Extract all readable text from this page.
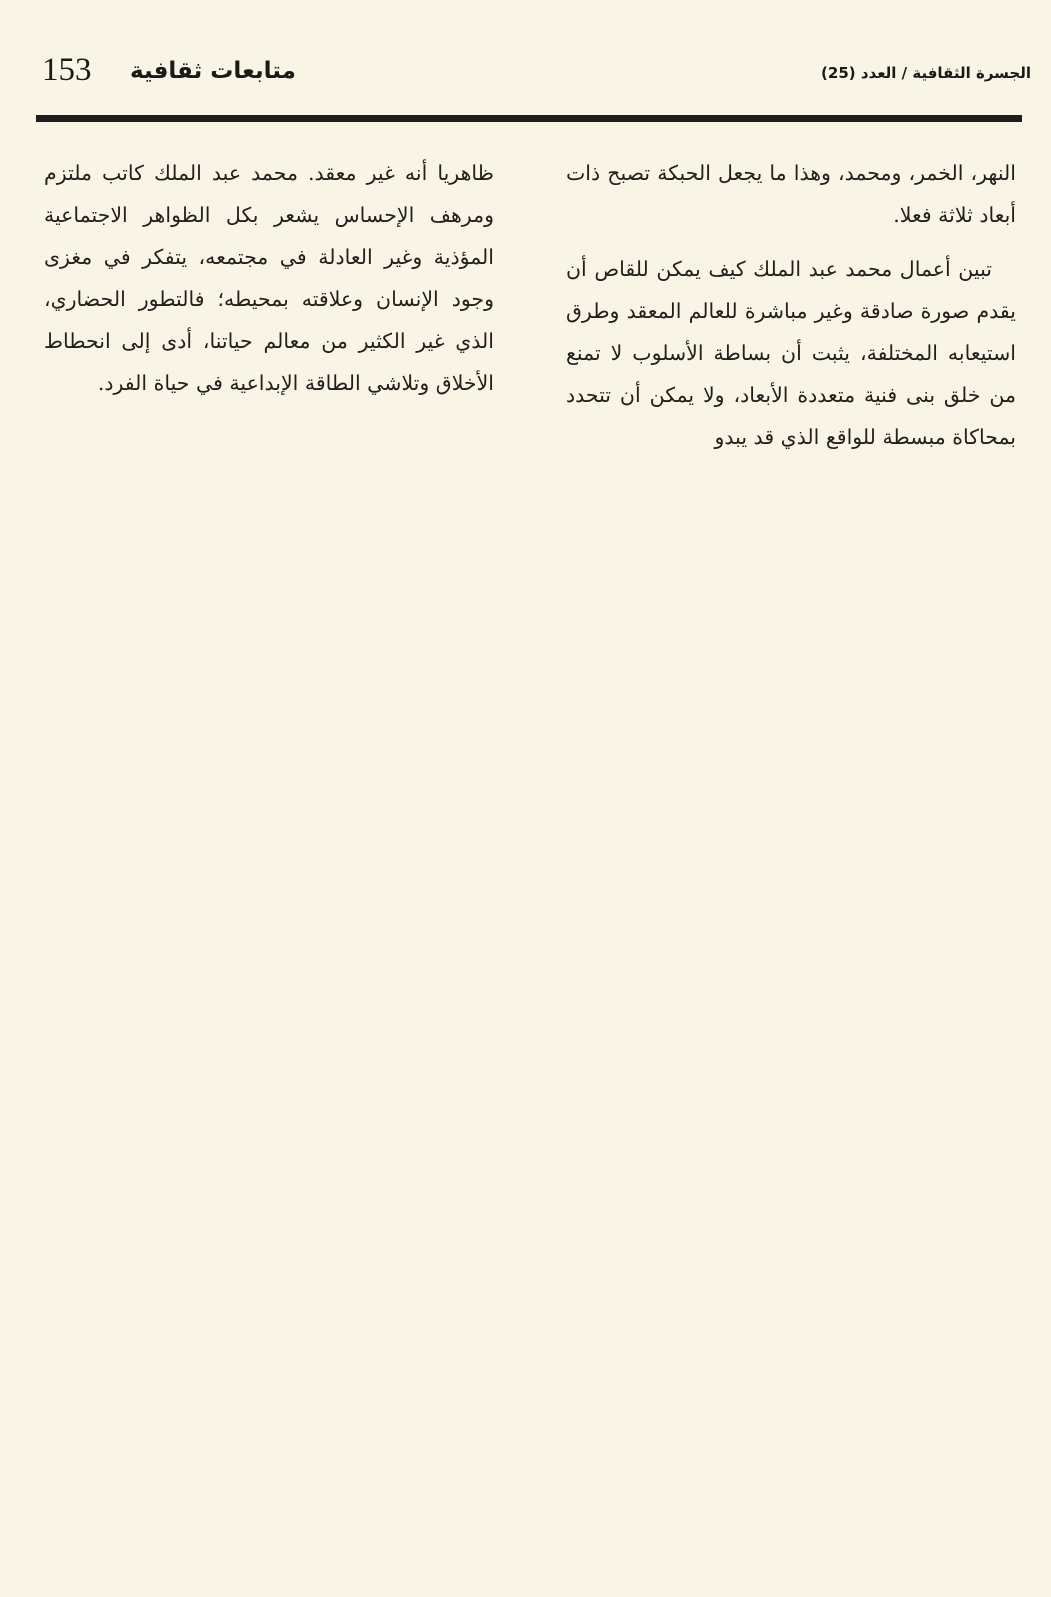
153 متابعات ثقافية	الجسرة الثقافية / العدد (25)

النهر، الخمر، ومحمد، وهذا ما يجعل الحبكة تصبح ذات أبعاد ثلاثة فعلا.

تبين أعمال محمد عبد الملك كيف يمكن للقاص أن يقدم صورة صادقة وغير مباشرة للعالم المعقد وطرق استيعابه المختلفة، يثبت أن بساطة الأسلوب لا تمنع من خلق بنى فنية متعددة الأبعاد، ولا يمكن أن تتحدد بمحاكاة مبسطة للواقع الذي قد يبدو

ظاهريا أنه غير معقد. محمد عبد الملك كاتب ملتزم ومرهف الإحساس يشعر بكل الظواهر الاجتماعية المؤذية وغير العادلة في مجتمعه، يتفكر في مغزى وجود الإنسان وعلاقته بمحيطه؛ فالتطور الحضاري، الذي غير الكثير من معالم حياتنا، أدى إلى انحطاط الأخلاق وتلاشي الطاقة الإبداعية في حياة الفرد.
